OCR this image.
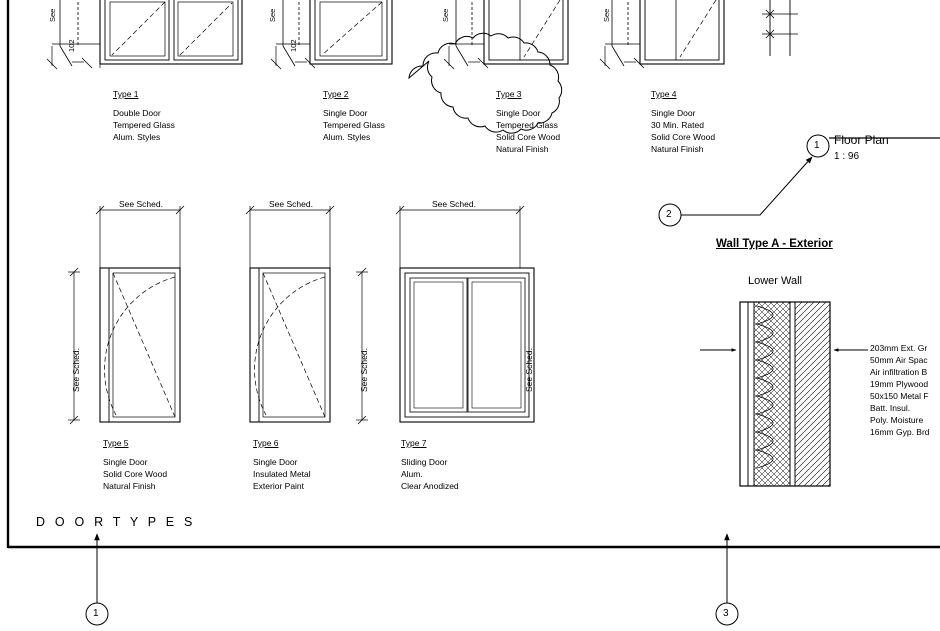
See
102
Type 1
Double Door
Tempered Glass
Alum. Styles
See
102
Type 2
Single Door
Tempered Glass
Alum. Styles
See
Type 3
Single Door
Tempered Glass
Solid Core Wood
Natural Finish
See
Type 4
Single Door
30 Min. Rated
Solid Core Wood
Natural Finish
See Sched.
See Sched.
Type 5
Single Door
Solid Core Wood
Natural Finish
See Sched.
See Sched.
Type 6
Single Door
Insulated Metal
Exterior Paint
See Sched.
See Sched.
Type 7
Sliding Door
Alum.
Clear Anodized
D O O R T Y P E S
1 Floor Plan
1 : 96
2
Wall Type A - Exterior
Lower Wall
203mm Ext. Gr
50mm Air Spac
Air infiltration B
19mm Plywood
50x150 Metal F
Batt. Insul.
Poly. Moisture
16mm Gyp. Brd
1	3
